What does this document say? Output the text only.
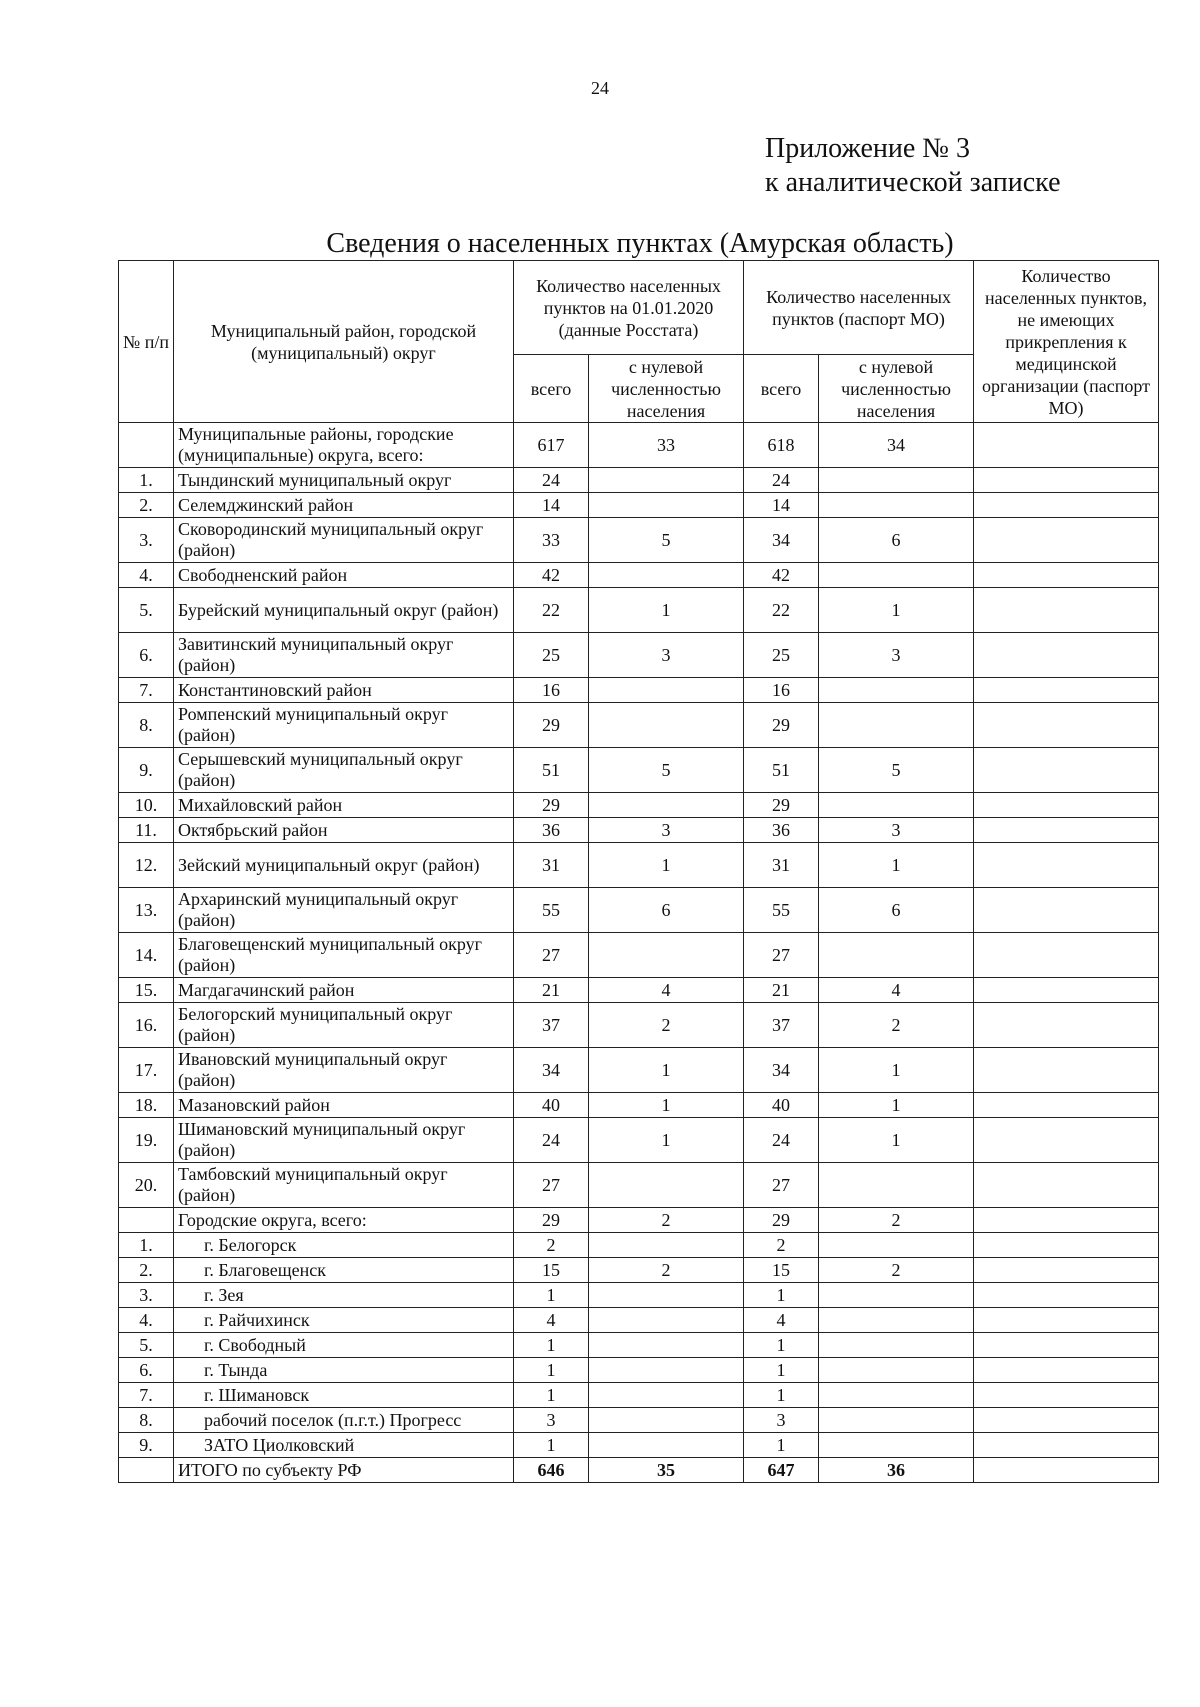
24
Приложение № 3
к аналитической записке
Сведения о населенных пунктах (Амурская область)
№ п/п	Муниципальный район, городской (муниципальный) округ	Количество населенных пунктов на 01.01.2020 (данные Росстата)		Количество населенных пунктов (паспорт МО)		Количество населенных пунктов, не имеющих прикрепления к медицинской организации (паспорт МО)
		всего	с нулевой численностью населения	всего	с нулевой численностью населения	
	Муниципальные районы, городские (муниципальные) округа, всего:	617	33	618	34	
1.	Тындинский муниципальный округ	24		24		
2.	Селемджинский район	14		14		
3.	Сковородинский муниципальный округ (район)	33	5	34	6	
4.	Свободненский район	42		42		
5.	Бурейский муниципальный округ (район)	22	1	22	1	
6.	Завитинский муниципальный округ (район)	25	3	25	3	
7.	Константиновский район	16		16		
8.	Ромпенский муниципальный округ (район)	29		29		
9.	Серышевский муниципальный округ (район)	51	5	51	5	
10.	Михайловский район	29		29		
11.	Октябрьский район	36	3	36	3	
12.	Зейский муниципальный округ (район)	31	1	31	1	
13.	Архаринский муниципальный округ (район)	55	6	55	6	
14.	Благовещенский муниципальный округ (район)	27		27		
15.	Магдагачинский район	21	4	21	4	
16.	Белогорский муниципальный округ (район)	37	2	37	2	
17.	Ивановский муниципальный округ (район)	34	1	34	1	
18.	Мазановский район	40	1	40	1	
19.	Шимановский муниципальный округ (район)	24	1	24	1	
20.	Тамбовский муниципальный округ (район)	27		27		
	Городские округа, всего:	29	2	29	2	
1.	г. Белогорск	2		2		
2.	г. Благовещенск	15	2	15	2	
3.	г. Зея	1		1		
4.	г. Райчихинск	4		4		
5.	г. Свободный	1		1		
6.	г. Тында	1		1		
7.	г. Шимановск	1		1		
8.	рабочий поселок (п.г.т.) Прогресс	3		3		
9.	ЗАТО Циолковский	1		1		
	ИТОГО по субъекту РФ	646	35	647	36	
